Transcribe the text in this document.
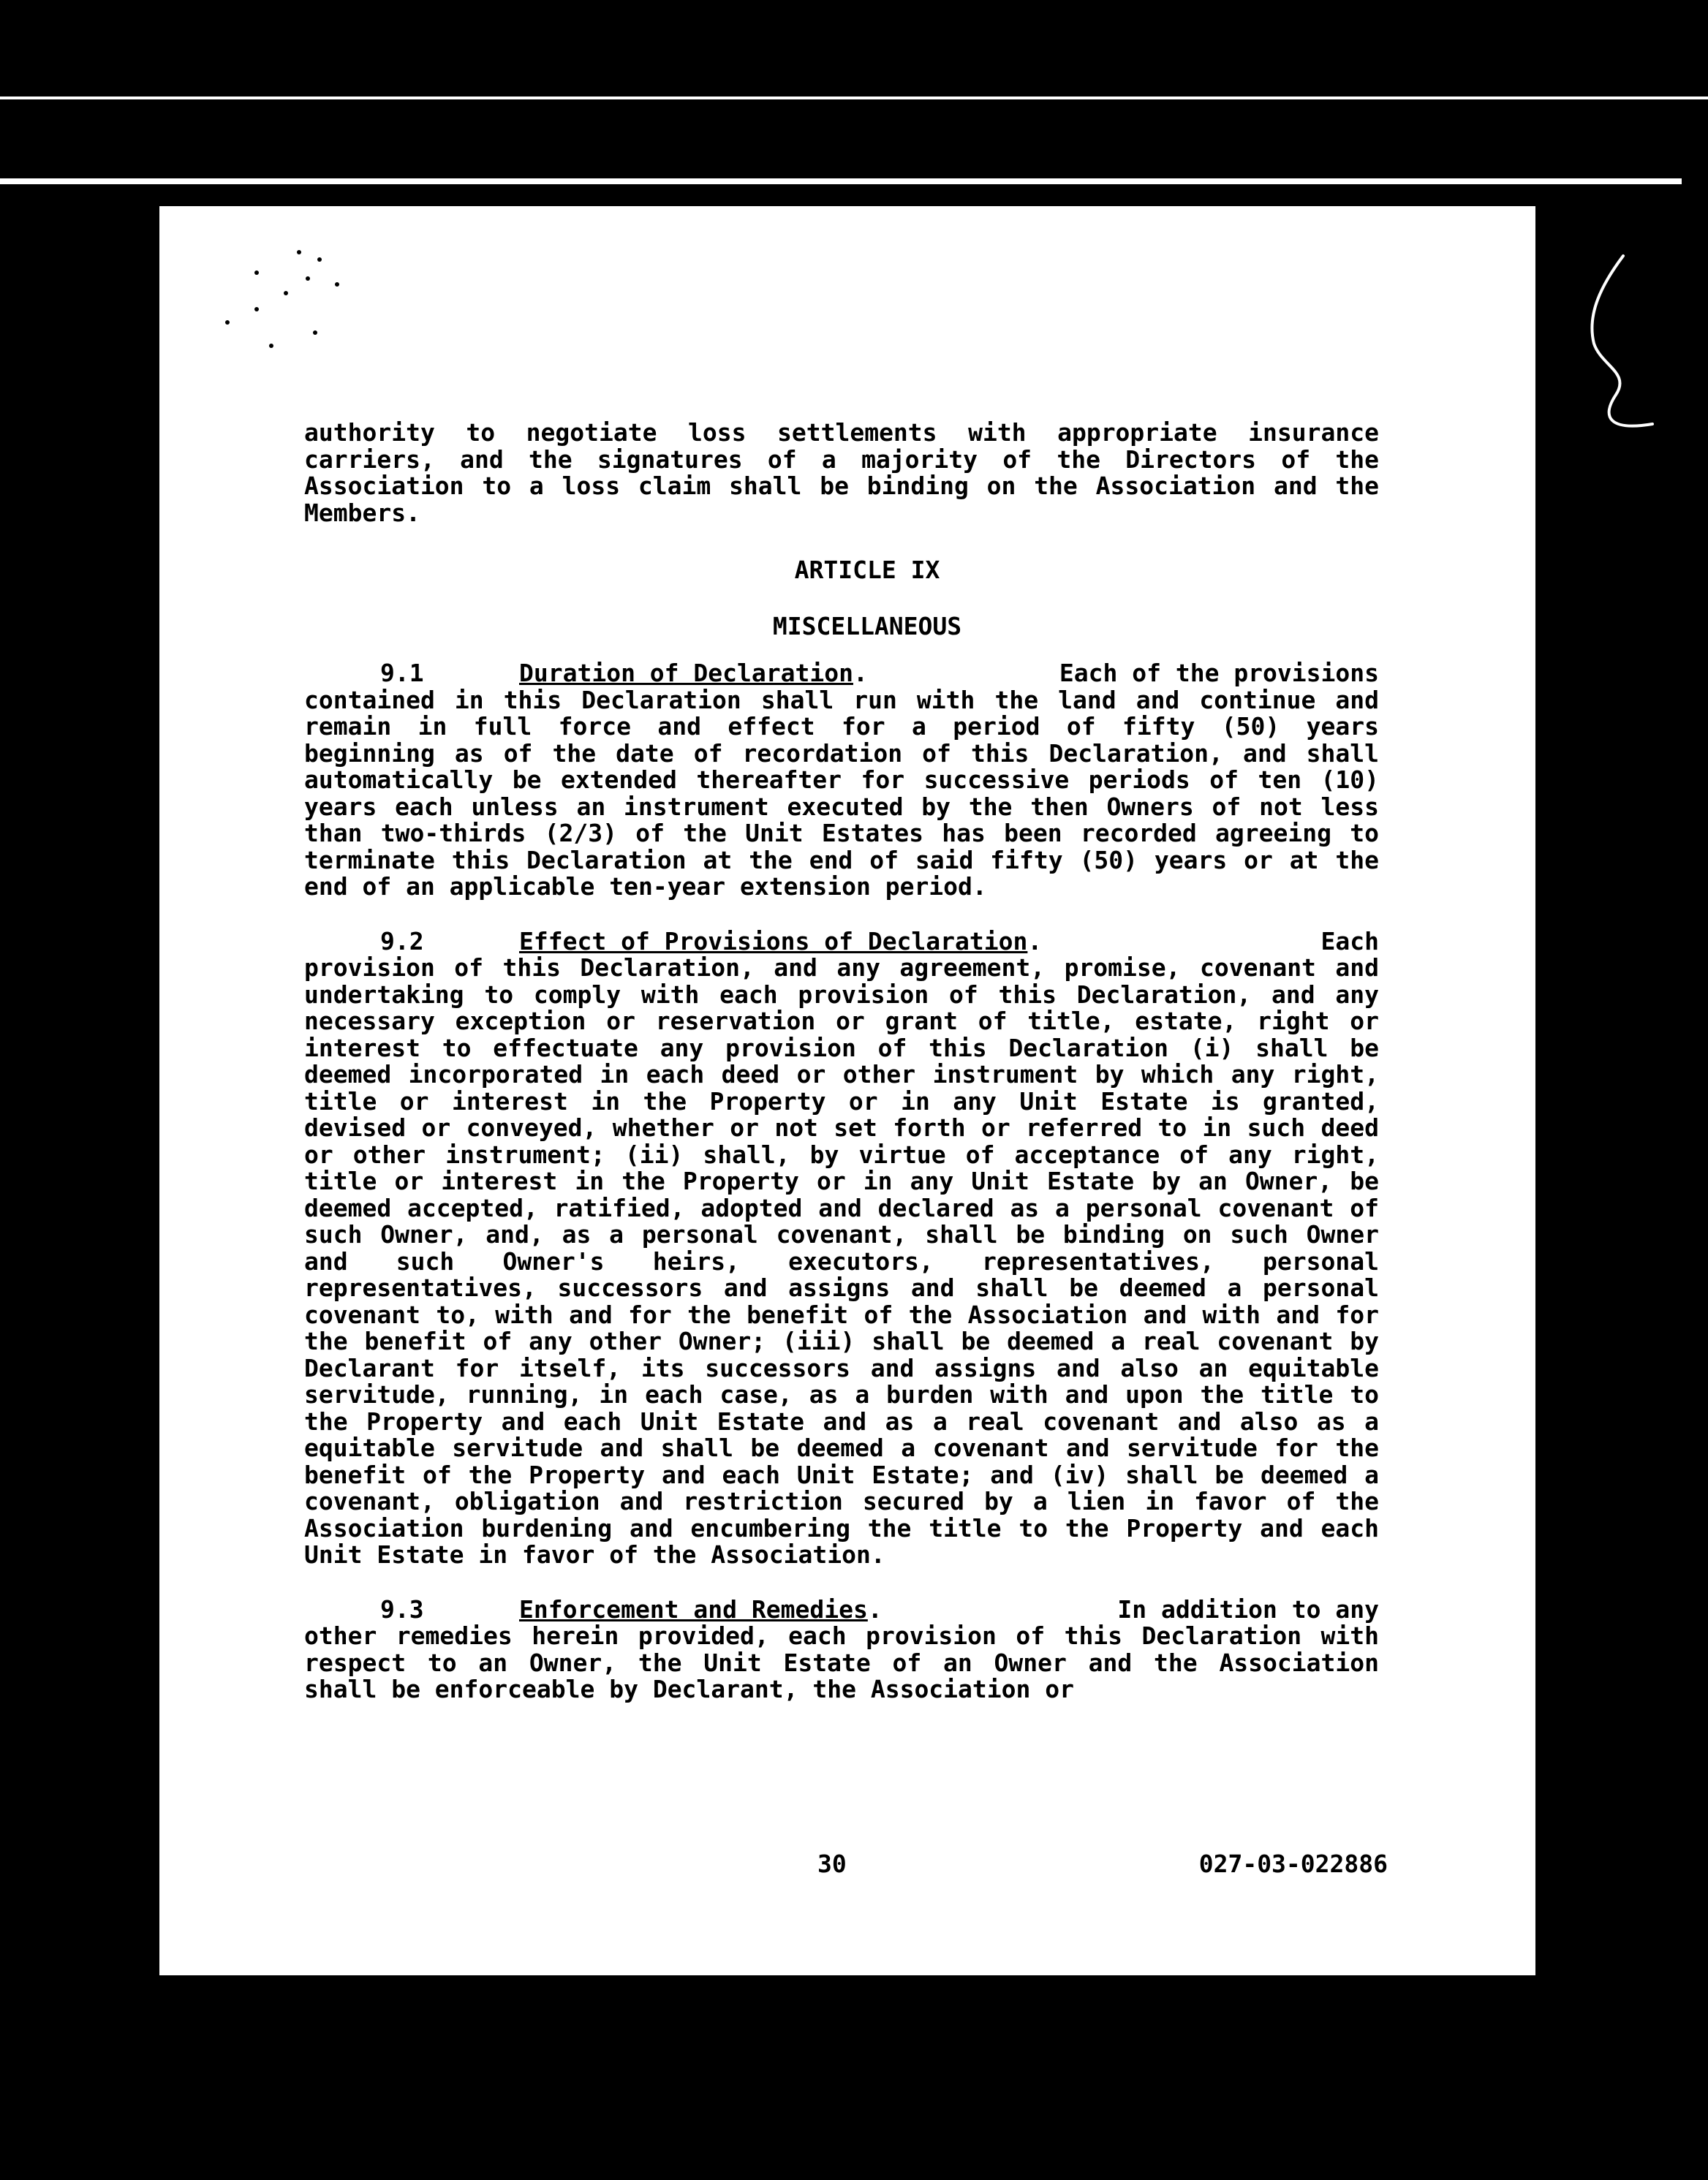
authority to negotiate loss settlements with appropriate insurance carriers, and the signatures of a majority of the Directors of the Association to a loss claim shall be binding on the Association and the Members.

ARTICLE IX

MISCELLANEOUS

9.1	Duration of Declaration .	Each of the provisions

contained in this Declaration shall run with the land and continue and remain in full force and effect for a period of fifty (50) years beginning as of the date of recordation of this Declaration, and shall automatically be extended thereafter for successive periods of ten (10) years each unless an instrument executed by the then Owners of not less than two-thirds (2/3) of the Unit Estates has been recorded agreeing to terminate this Declaration at the end of said fifty (50) years or at the end of an applicable ten-year extension period.

9.2	Effect of Provisions of Declaration .	Each

provision of this Declaration, and any agreement, promise, covenant and undertaking to comply with each provision of this Declaration, and any necessary exception or reservation or grant of title, estate, right or interest to effectuate any provision of this Declaration (i) shall be deemed incorporated in each deed or other instrument by which any right, title or interest in the Property or in any Unit Estate is granted, devised or conveyed, whether or not set forth or referred to in such deed or other instrument; (ii) shall, by virtue of acceptance of any right, title or interest in the Property or in any Unit Estate by an Owner, be deemed accepted, ratified, adopted and declared as a personal covenant of such Owner, and, as a personal covenant, shall be binding on such Owner and such Owner's heirs, executors, representatives, personal representatives, successors and assigns and shall be deemed a personal covenant to, with and for the benefit of the Association and with and for the benefit of any other Owner; (iii) shall be deemed a real covenant by Declarant for itself, its successors and assigns and also an equitable servitude, running, in each case, as a burden with and upon the title to the Property and each Unit Estate and as a real covenant and also as a equitable servitude and shall be deemed a covenant and servitude for the benefit of the Property and each Unit Estate; and (iv) shall be deemed a covenant, obligation and restriction secured by a lien in favor of the Association burdening and encumbering the title to the Property and each Unit Estate in favor of the Association.

9.3	Enforcement and Remedies .	In addition to any

other remedies herein provided, each provision of this Declaration with respect to an Owner, the Unit Estate of an Owner and the Association shall be enforceable by Declarant, the Association or

30	027-03-022886	7862 1354
